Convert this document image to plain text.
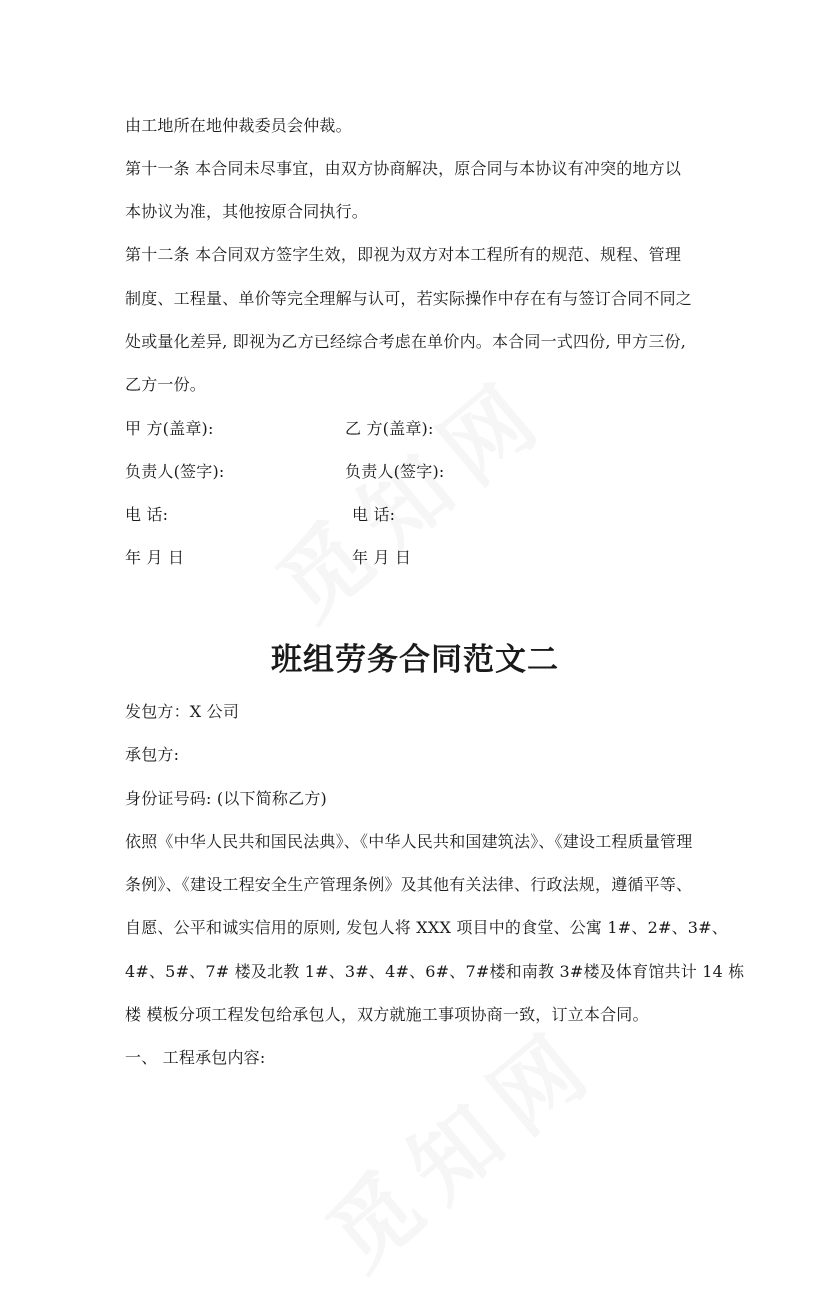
由工地所在地仲裁委员会仲裁。
第十一条 本合同未尽事宜，由双方协商解决，原合同与本协议有冲突的地方以
本协议为准，其他按原合同执行。
第十二条 本合同双方签字生效，即视为双方对本工程所有的规范、规程、管理
制度、工程量、单价等完全理解与认可，若实际操作中存在有与签订合同不同之
处或量化差异, 即视为乙方已经综合考虑在单价内。本合同一式四份, 甲方三份,
乙方一份。
甲 方(盖章):	乙 方(盖章):
负责人(签字):	负责人(签字):
电 话:	电 话:
年 月 日	年 月 日
班组劳务合同范文二
发包方：X 公司
承包方:
身份证号码: (以下简称乙方)
依照《中华人民共和国民法典》、《中华人民共和国建筑法》、《建设工程质量管理
条例》、《建设工程安全生产管理条例》及其他有关法律、行政法规，遵循平等、
自愿、公平和诚实信用的原则, 发包人将 XXX 项目中的食堂、公寓 1#、2#、3#、
4#、5#、7# 楼及北教 1#、3#、4#、6#、7#楼和南教 3#楼及体育馆共计 14 栋
楼 模板分项工程发包给承包人，双方就施工事项协商一致，订立本合同。
一、 工程承包内容:
